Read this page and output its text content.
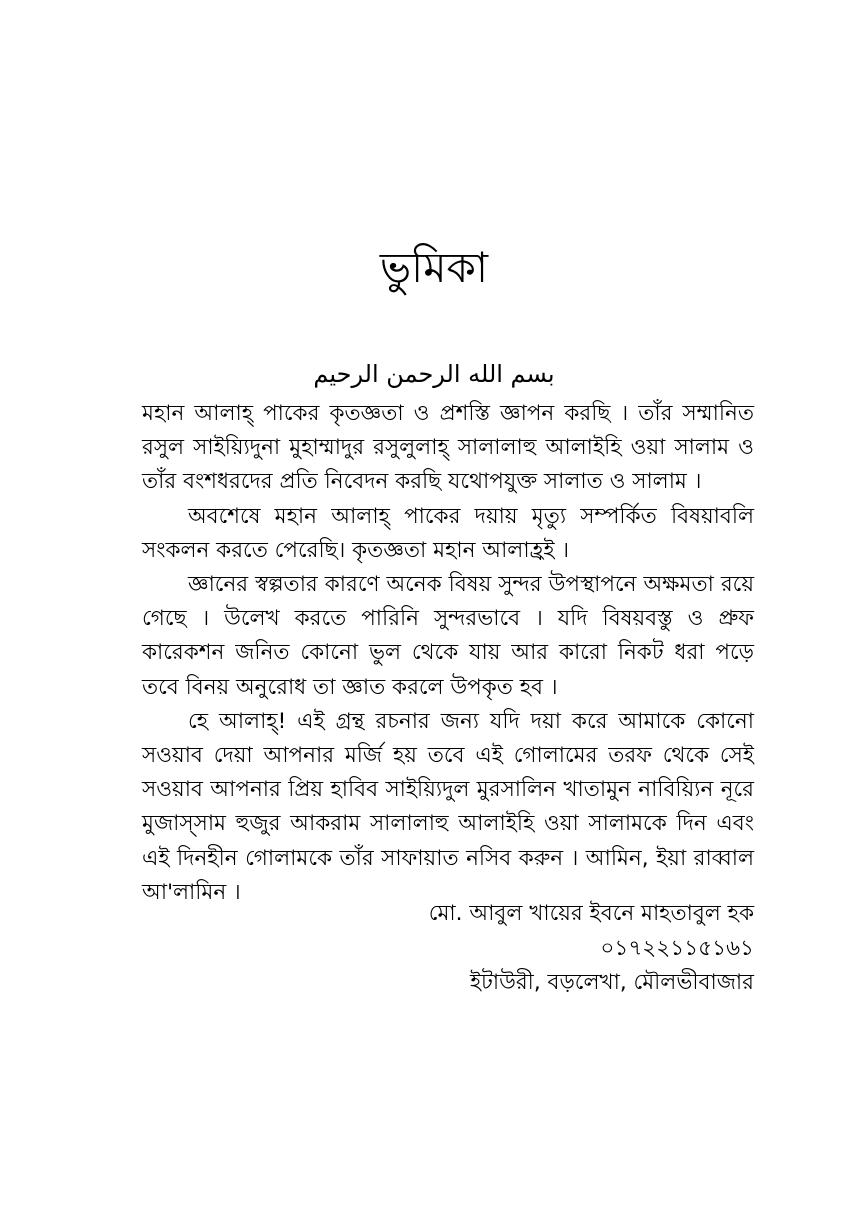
ভুমিকা
بسم الله الرحمن الرحيم

মহান আলাহ্ পাকের কৃতজ্ঞতা ও প্রশস্তি জ্ঞাপন করছি । তাঁর সম্মানিত রসুল সাইয়্যিদুনা মুহাম্মাদুর রসুলুলাহ্ সালালাহু আলাইহি ওয়া সালাম ও তাঁর বংশধরদের প্রতি নিবেদন করছি যথোপযুক্ত সালাত ও সালাম ।

অবশেষে মহান আলাহ্ পাকের দয়ায় মৃত্যু সম্পর্কিত বিষয়াবলি সংকলন করতে পেরেছি। কৃতজ্ঞতা মহান আলাহ্রই ।

জ্ঞানের স্বল্পতার কারণে অনেক বিষয় সুন্দর উপস্থাপনে অক্ষমতা রয়ে গেছে । উলেখ করতে পারিনি সুন্দরভাবে । যদি বিষয়বস্তু ও প্রুফ কারেকশন জনিত কোনো ভুল থেকে যায় আর কারো নিকট ধরা পড়ে তবে বিনয় অনুরোধ তা জ্ঞাত করলে উপকৃত হব ।

হে আলাহ্! এই গ্রন্থ রচনার জন্য যদি দয়া করে আমাকে কোনো সওয়াব দেয়া আপনার মর্জি হয় তবে এই গোলামের তরফ থেকে সেই সওয়াব আপনার প্রিয় হাবিব সাইয়্যিদুল মুরসালিন খাতামুন নাবিয়্যিন নূরে মুজাস্সাম হুজুর আকরাম সালালাহু আলাইহি ওয়া সালামকে দিন এবং এই দিনহীন গোলামকে তাঁর সাফায়াত নসিব করুন । আমিন, ইয়া রাব্বাল আ'লামিন ।

মো. আবুল খায়ের ইবনে মাহতাবুল হক
০১৭২২১১৫১৬১
ইটাউরী, বড়লেখা, মৌলভীবাজার
